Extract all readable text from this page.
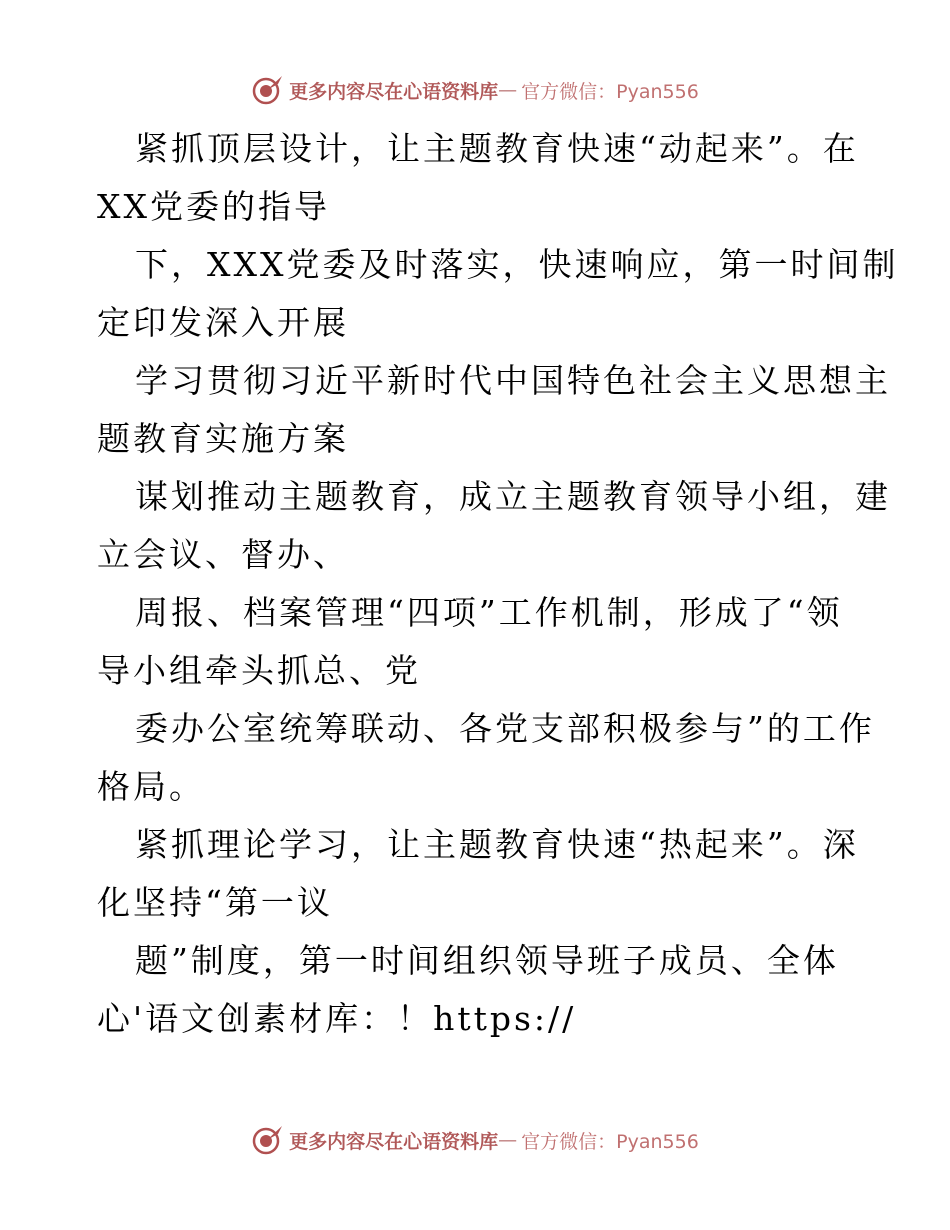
更多内容尽在心语资料库 — 官方微信：Pyan556
紧抓顶层设计，让主题教育快速“动起来”。在
XX党委的指导
下，XXX党委及时落实，快速响应，第一时间制
定印发深入开展
学习贯彻习近平新时代中国特色社会主义思想主
题教育实施方案
谋划推动主题教育，成立主题教育领导小组，建
立会议、督办、
周报、档案管理“四项”工作机制，形成了“领
导小组牵头抓总、党
委办公室统筹联动、各党支部积极参与”的工作
格局。
紧抓理论学习，让主题教育快速“热起来”。深
化坚持“第一议
题”制度，第一时间组织领导班子成员、全体
心'语文创素材库：！https://
更多内容尽在心语资料库 — 官方微信：Pyan556
